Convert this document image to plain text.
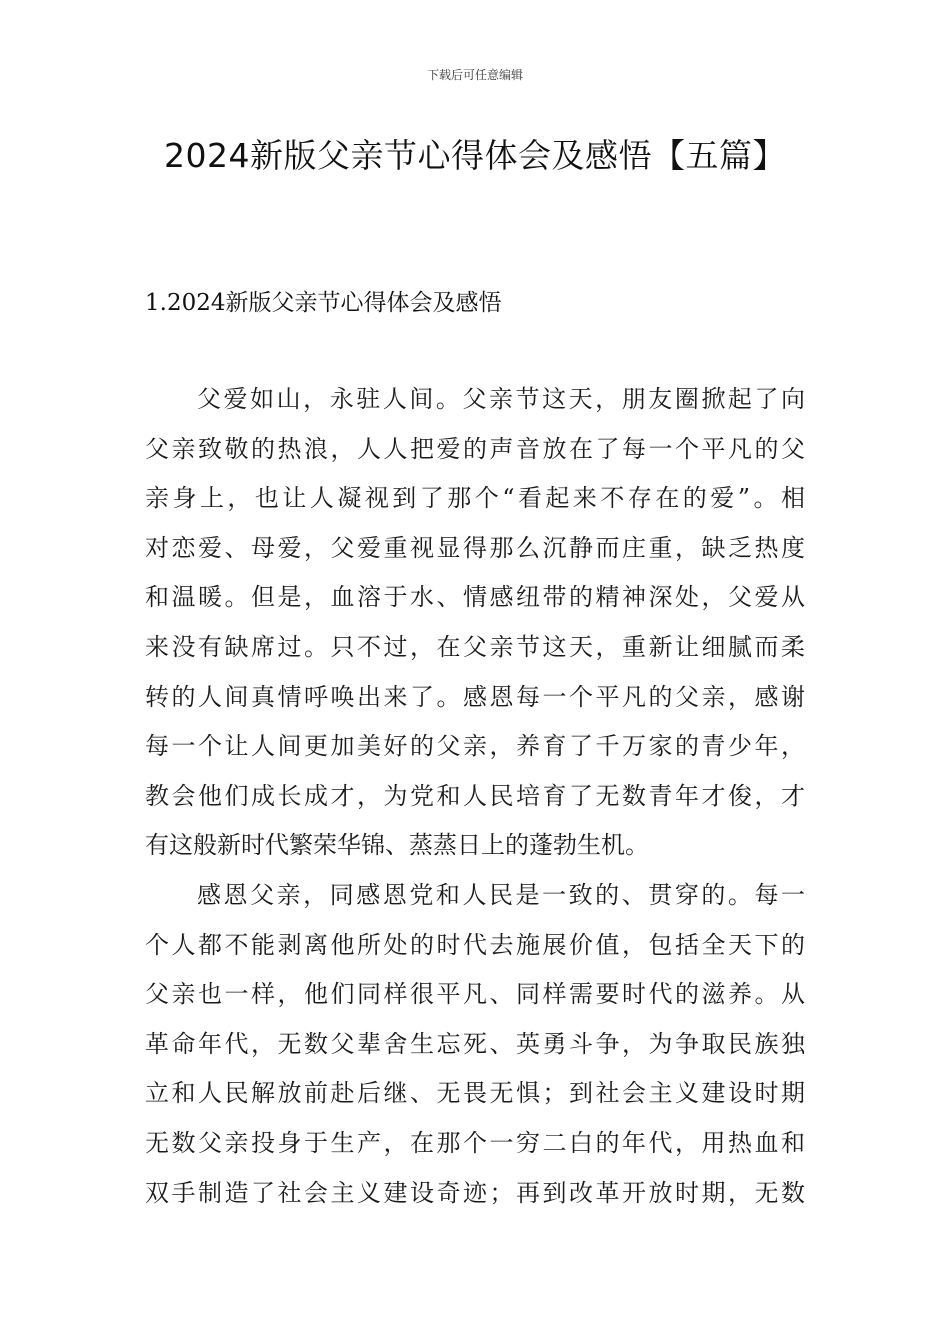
下载后可任意编辑
2024新版父亲节心得体会及感悟【五篇】
1.2024新版父亲节心得体会及感悟
父爱如山，永驻人间。父亲节这天，朋友圈掀起了向
父亲致敬的热浪，人人把爱的声音放在了每一个平凡的父
亲身上，也让人凝视到了那个“看起来不存在的爱”。相
对恋爱、母爱，父爱重视显得那么沉静而庄重，缺乏热度
和温暖。但是，血溶于水、情感纽带的精神深处，父爱从
来没有缺席过。只不过，在父亲节这天，重新让细腻而柔
转的人间真情呼唤出来了。感恩每一个平凡的父亲，感谢
每一个让人间更加美好的父亲，养育了千万家的青少年，
教会他们成长成才，为党和人民培育了无数青年才俊，才
有这般新时代繁荣华锦、蒸蒸日上的蓬勃生机。
感恩父亲，同感恩党和人民是一致的、贯穿的。每一
个人都不能剥离他所处的时代去施展价值，包括全天下的
父亲也一样，他们同样很平凡、同样需要时代的滋养。从
革命年代，无数父辈舍生忘死、英勇斗争，为争取民族独
立和人民解放前赴后继、无畏无惧；到社会主义建设时期
无数父亲投身于生产，在那个一穷二白的年代，用热血和
双手制造了社会主义建设奇迹；再到改革开放时期，无数
